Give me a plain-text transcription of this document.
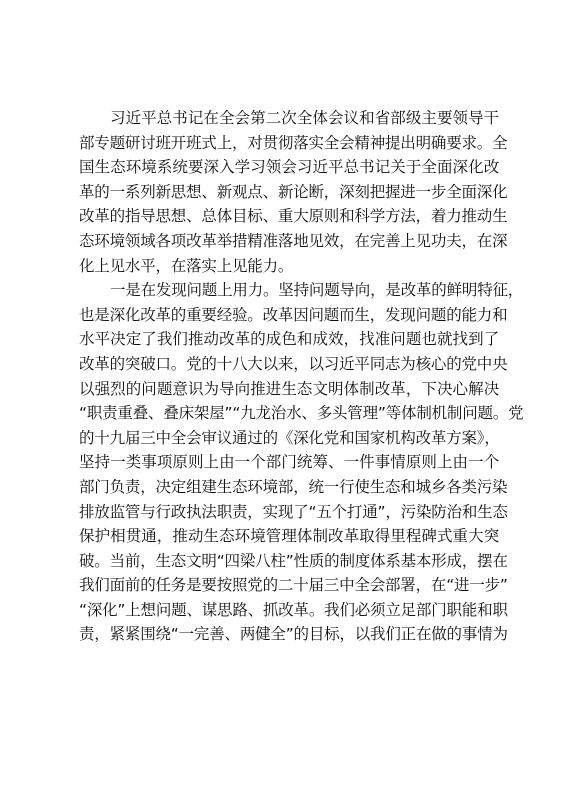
习近平总书记在全会第二次全体会议和省部级主要领导干
部专题研讨班开班式上，对贯彻落实全会精神提出明确要求。全
国生态环境系统要深入学习领会习近平总书记关于全面深化改
革的一系列新思想、新观点、新论断，深刻把握进一步全面深化
改革的指导思想、总体目标、重大原则和科学方法，着力推动生
态环境领域各项改革举措精准落地见效，在完善上见功夫，在深
化上见水平，在落实上见能力。
一是在发现问题上用力。坚持问题导向，是改革的鲜明特征，
也是深化改革的重要经验。改革因问题而生，发现问题的能力和
水平决定了我们推动改革的成色和成效，找准问题也就找到了
改革的突破口。党的十八大以来，以习近平同志为核心的党中央
以强烈的问题意识为导向推进生态文明体制改革，下决心解决
“职责重叠、叠床架屋”“九龙治水、多头管理”等体制机制问题。党
的十九届三中全会审议通过的《深化党和国家机构改革方案》，
坚持一类事项原则上由一个部门统筹、一件事情原则上由一个
部门负责，决定组建生态环境部，统一行使生态和城乡各类污染
排放监管与行政执法职责，实现了“五个打通”，污染防治和生态
保护相贯通，推动生态环境管理体制改革取得里程碑式重大突
破。当前，生态文明“四梁八柱”性质的制度体系基本形成，摆在
我们面前的任务是要按照党的二十届三中全会部署，在“进一步”
“深化”上想问题、谋思路、抓改革。我们必须立足部门职能和职
责，紧紧围绕“一完善、两健全”的目标，以我们正在做的事情为
